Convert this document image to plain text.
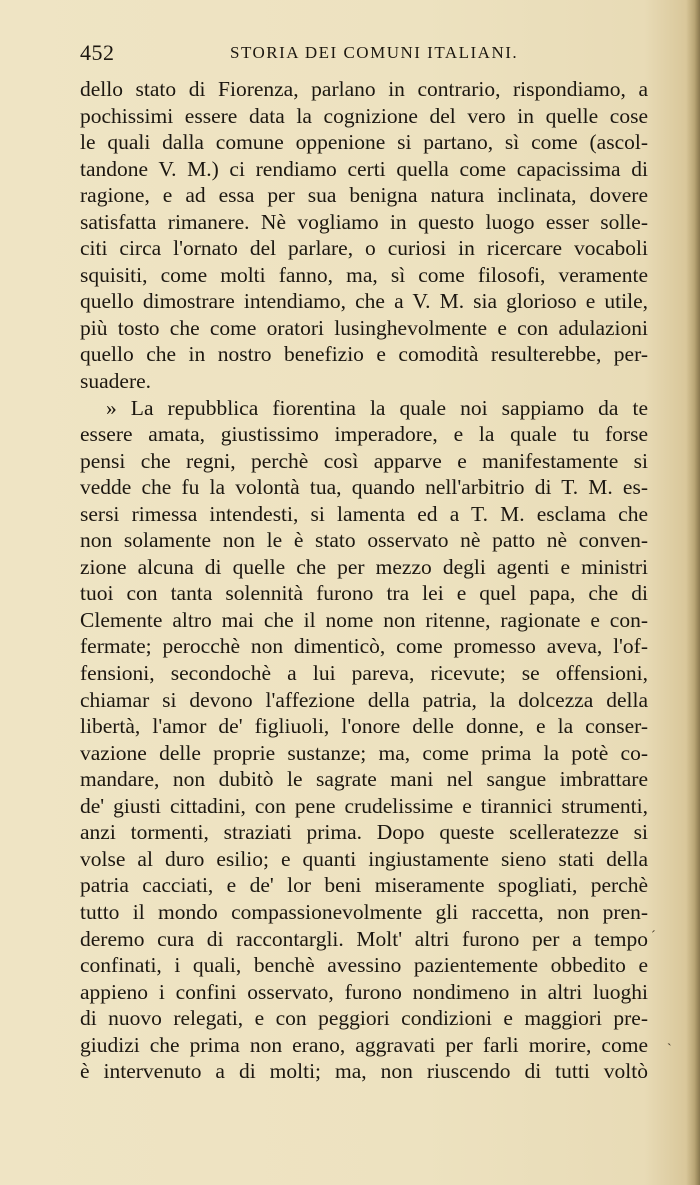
452	STORIA DEI COMUNI ITALIANI.
dello stato di Fiorenza, parlano in contrario, rispondiamo, a
pochissimi essere data la cognizione del vero in quelle cose
le quali dalla comune oppenione si partano, sì come (ascol-
tandone V. M.) ci rendiamo certi quella come capacissima di
ragione, e ad essa per sua benigna natura inclinata, dovere
satisfatta rimanere. Nè vogliamo in questo luogo esser solle-
citi circa l'ornato del parlare, o curiosi in ricercare vocaboli
squisiti, come molti fanno, ma, sì come filosofi, veramente
quello dimostrare intendiamo, che a V. M. sia glorioso e utile,
più tosto che come oratori lusinghevolmente e con adulazioni
quello che in nostro benefizio e comodità resulterebbe, per-
suadere.
» La repubblica fiorentina la quale noi sappiamo da te
essere amata, giustissimo imperadore, e la quale tu forse
pensi che regni, perchè così apparve e manifestamente si
vedde che fu la volontà tua, quando nell'arbitrio di T. M. es-
sersi rimessa intendesti, si lamenta ed a T. M. esclama che
non solamente non le è stato osservato nè patto nè conven-
zione alcuna di quelle che per mezzo degli agenti e ministri
tuoi con tanta solennità furono tra lei e quel papa, che di
Clemente altro mai che il nome non ritenne, ragionate e con-
fermate; perocchè non dimenticò, come promesso aveva, l'of-
fensioni, secondochè a lui pareva, ricevute; se offensioni,
chiamar si devono l'affezione della patria, la dolcezza della
libertà, l'amor de' figliuoli, l'onore delle donne, e la conser-
vazione delle proprie sustanze; ma, come prima la potè co-
mandare, non dubitò le sagrate mani nel sangue imbrattare
de' giusti cittadini, con pene crudelissime e tirannici strumenti,
anzi tormenti, straziati prima. Dopo queste scelleratezze si
volse al duro esilio; e quanti ingiustamente sieno stati della
patria cacciati, e de' lor beni miseramente spogliati, perchè
tutto il mondo compassionevolmente gli raccetta, non pren-
deremo cura di raccontargli. Molt' altri furono per a tempo
confinati, i quali, benchè avessino pazientemente obbedito e
appieno i confini osservato, furono nondimeno in altri luoghi
di nuovo relegati, e con peggiori condizioni e maggiori pre-
giudizi che prima non erano, aggravati per farli morire, come
è intervenuto a di molti; ma, non riuscendo di tutti voltò
´
`
